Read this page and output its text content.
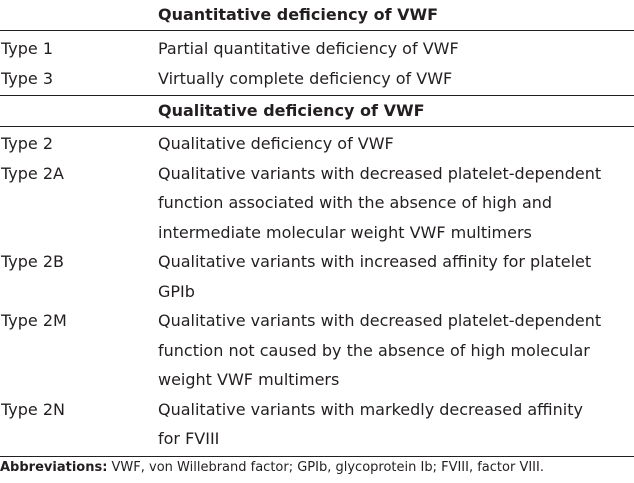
Quantitative deficiency of VWF
Type 1	Partial quantitative deficiency of VWF
Type 3	Virtually complete deficiency of VWF
Qualitative deficiency of VWF
Type 2	Qualitative deficiency of VWF
Type 2A	Qualitative variants with decreased platelet-dependent
function associated with the absence of high and
intermediate molecular weight VWF multimers
Type 2B	Qualitative variants with increased affinity for platelet
GPIb
Type 2M	Qualitative variants with decreased platelet-dependent
function not caused by the absence of high molecular
weight VWF multimers
Type 2N	Qualitative variants with markedly decreased affinity
for FVIII
Abbreviations: VWF, von Willebrand factor; GPIb, glycoprotein Ib; FVIII, factor VIII.
